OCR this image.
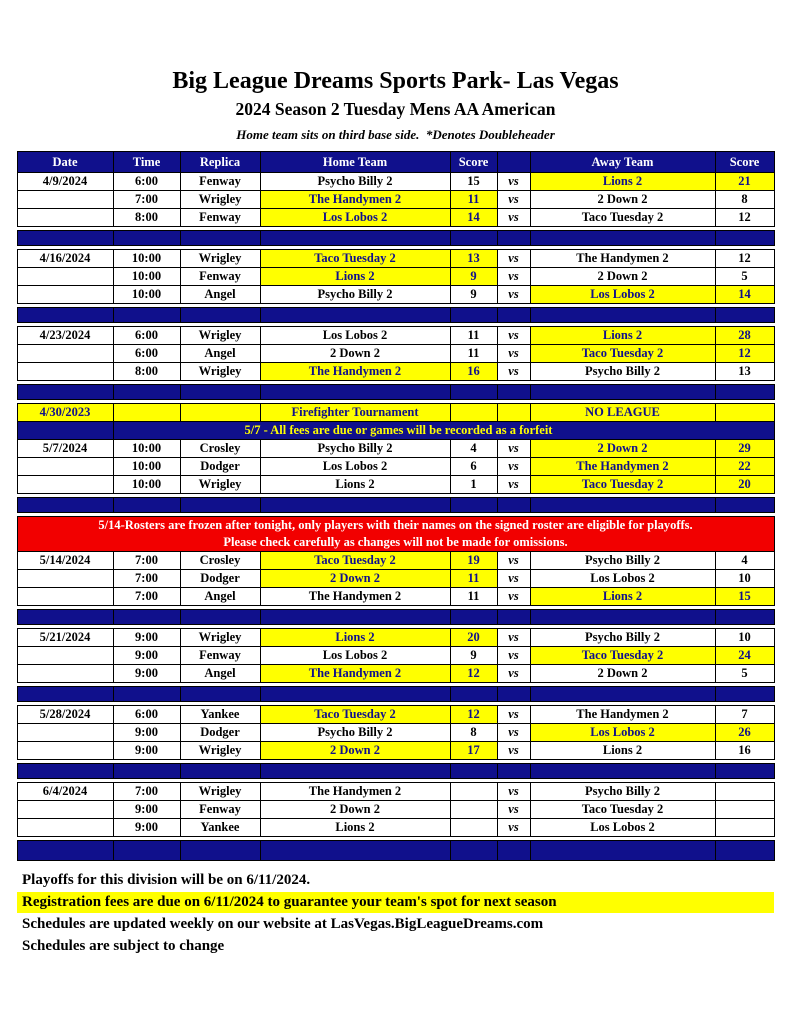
Big League Dreams Sports Park- Las Vegas
2024 Season 2 Tuesday Mens AA American
Home team sits on third base side.  *Denotes Doubleheader
Date	Time	Replica	Home Team	Score		Away Team	Score
4/9/2024	6:00	Fenway	Psycho Billy 2	15	vs	Lions 2	21
	7:00	Wrigley	The Handymen 2	11	vs	2 Down 2	8
	8:00	Fenway	Los Lobos 2	14	vs	Taco Tuesday 2	12

4/16/2024	10:00	Wrigley	Taco Tuesday 2	13	vs	The Handymen 2	12
	10:00	Fenway	Lions 2	9	vs	2 Down 2	5
	10:00	Angel	Psycho Billy 2	9	vs	Los Lobos 2	14

4/23/2024	6:00	Wrigley	Los Lobos 2	11	vs	Lions 2	28
	6:00	Angel	2 Down 2	11	vs	Taco Tuesday 2	12
	8:00	Wrigley	The Handymen 2	16	vs	Psycho Billy 2	13

4/30/2023			Firefighter Tournament			NO LEAGUE	
	5/7 - All fees are due or games will be recorded as a forfeit						
5/7/2024	10:00	Crosley	Psycho Billy 2	4	vs	2 Down 2	29
	10:00	Dodger	Los Lobos 2	6	vs	The Handymen 2	22
	10:00	Wrigley	Lions 2	1	vs	Taco Tuesday 2	20

5/14-Rosters are frozen after tonight, only players with their names on the signed roster are eligible for playoffs.
Please check carefully as changes will not be made for omissions.							

5/14/2024	7:00	Crosley	Taco Tuesday 2	19	vs	Psycho Billy 2	4
	7:00	Dodger	2 Down 2	11	vs	Los Lobos 2	10
	7:00	Angel	The Handymen 2	11	vs	Lions 2	15

5/21/2024	9:00	Wrigley	Lions 2	20	vs	Psycho Billy 2	10
	9:00	Fenway	Los Lobos 2	9	vs	Taco Tuesday 2	24
	9:00	Angel	The Handymen 2	12	vs	2 Down 2	5

5/28/2024	6:00	Yankee	Taco Tuesday 2	12	vs	The Handymen 2	7
	9:00	Dodger	Psycho Billy 2	8	vs	Los Lobos 2	26
	9:00	Wrigley	2 Down 2	17	vs	Lions 2	16

6/4/2024	7:00	Wrigley	The Handymen 2		vs	Psycho Billy 2	
	9:00	Fenway	2 Down 2		vs	Taco Tuesday 2	
	9:00	Yankee	Lions 2		vs	Los Lobos 2	

Playoffs for this division will be on 6/11/2024.
Registration fees are due on 6/11/2024 to guarantee your team's spot for next season
Schedules are updated weekly on our website at LasVegas.BigLeagueDreams.com
Schedules are subject to change
